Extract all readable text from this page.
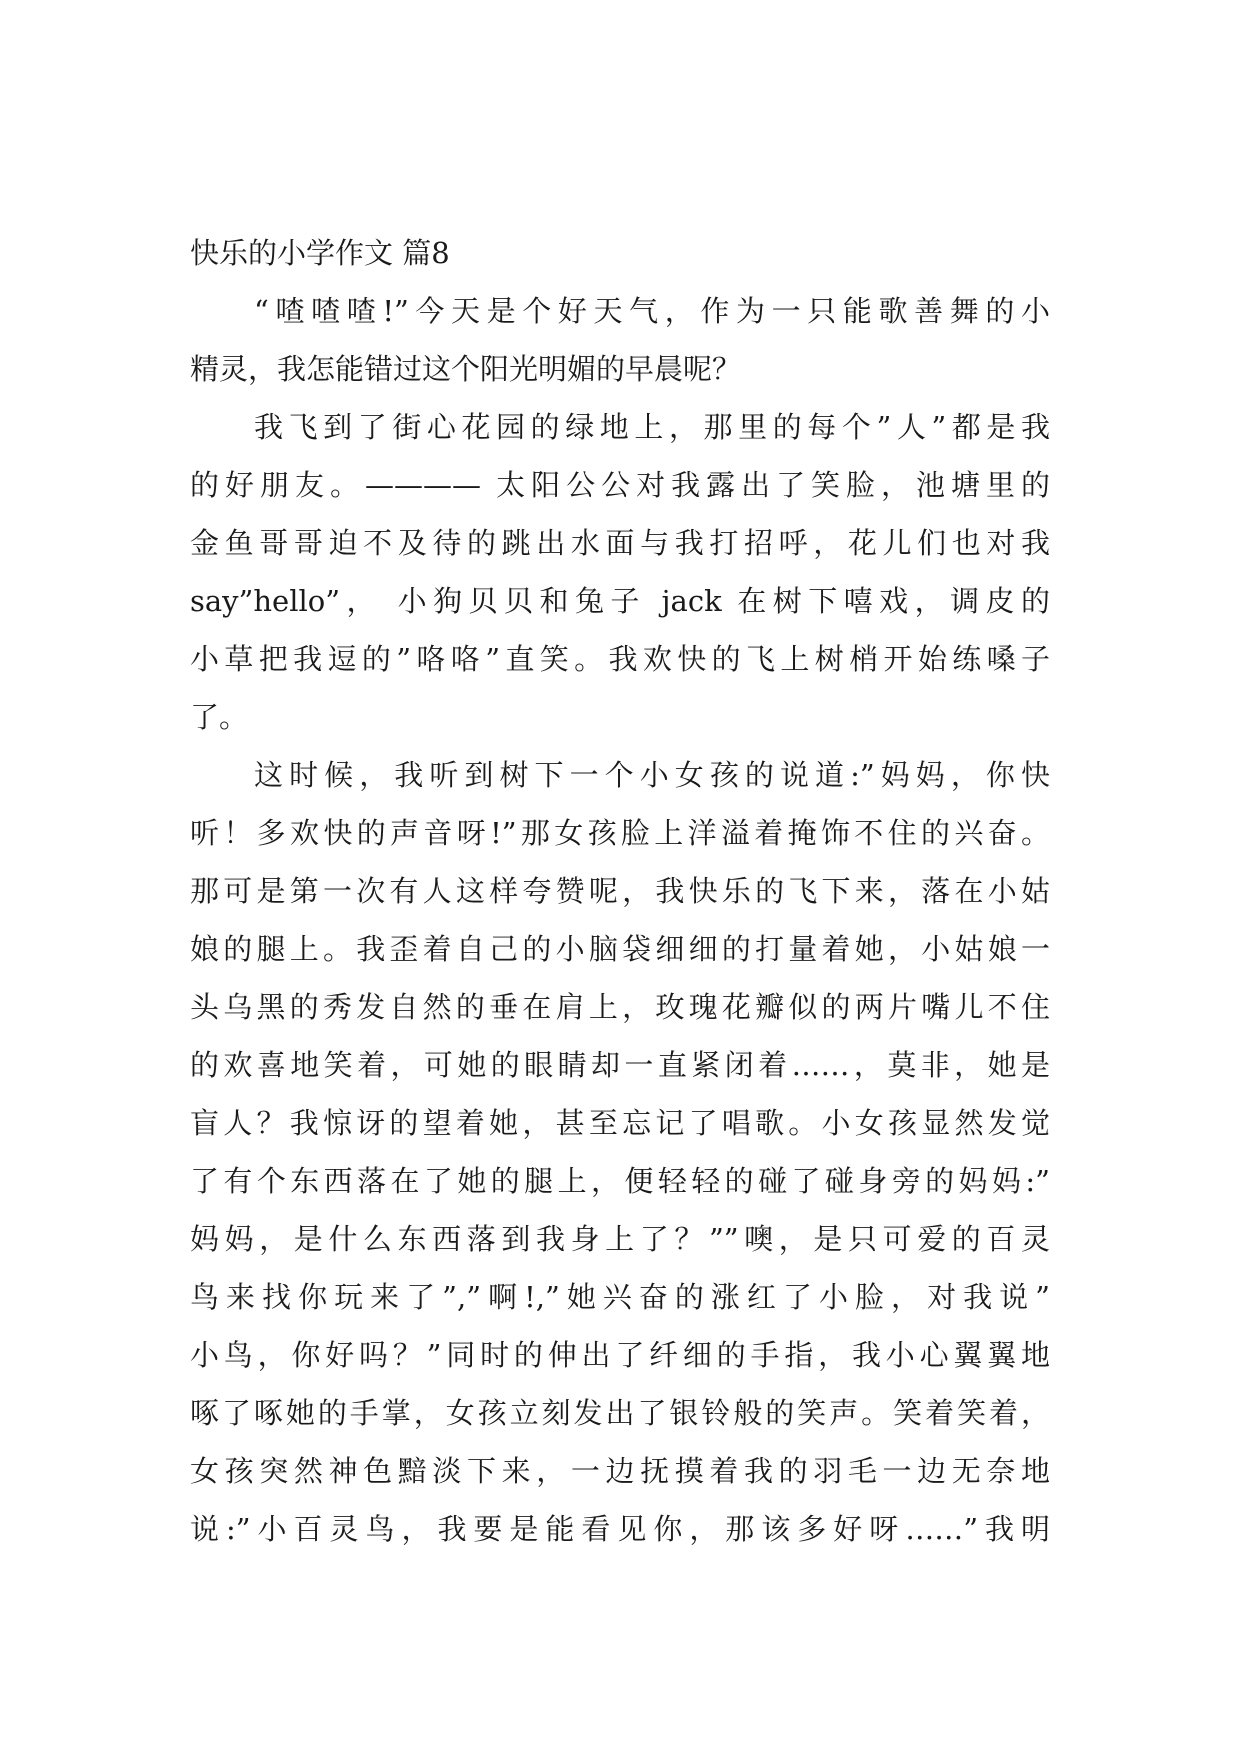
快乐的小学作文 篇8
“喳喳喳!”今天是个好天气，作为一只能歌善舞的小
精灵，我怎能错过这个阳光明媚的早晨呢？
我飞到了街心花园的绿地上，那里的每个”人”都是我
的好朋友。———— 太阳公公对我露出了笑脸，池塘里的
金鱼哥哥迫不及待的跳出水面与我打招呼，花儿们也对我
say”hello”， 小狗贝贝和兔子 jack 在树下嘻戏，调皮的
小草把我逗的”咯咯”直笑。我欢快的飞上树梢开始练嗓子
了。
这时候，我听到树下一个小女孩的说道:”妈妈，你快
听！多欢快的声音呀!”那女孩脸上洋溢着掩饰不住的兴奋。
那可是第一次有人这样夸赞呢，我快乐的飞下来，落在小姑
娘的腿上。我歪着自己的小脑袋细细的打量着她，小姑娘一
头乌黑的秀发自然的垂在肩上，玫瑰花瓣似的两片嘴儿不住
的欢喜地笑着，可她的眼睛却一直紧闭着……，莫非，她是
盲人？我惊讶的望着她，甚至忘记了唱歌。小女孩显然发觉
了有个东西落在了她的腿上，便轻轻的碰了碰身旁的妈妈:”
妈妈，是什么东西落到我身上了？””噢，是只可爱的百灵
鸟来找你玩来了”,”啊!,”她兴奋的涨红了小脸，对我说”
小鸟，你好吗？”同时的伸出了纤细的手指，我小心翼翼地
啄了啄她的手掌，女孩立刻发出了银铃般的笑声。笑着笑着，
女孩突然神色黯淡下来，一边抚摸着我的羽毛一边无奈地
说:”小百灵鸟，我要是能看见你，那该多好呀……”我明
